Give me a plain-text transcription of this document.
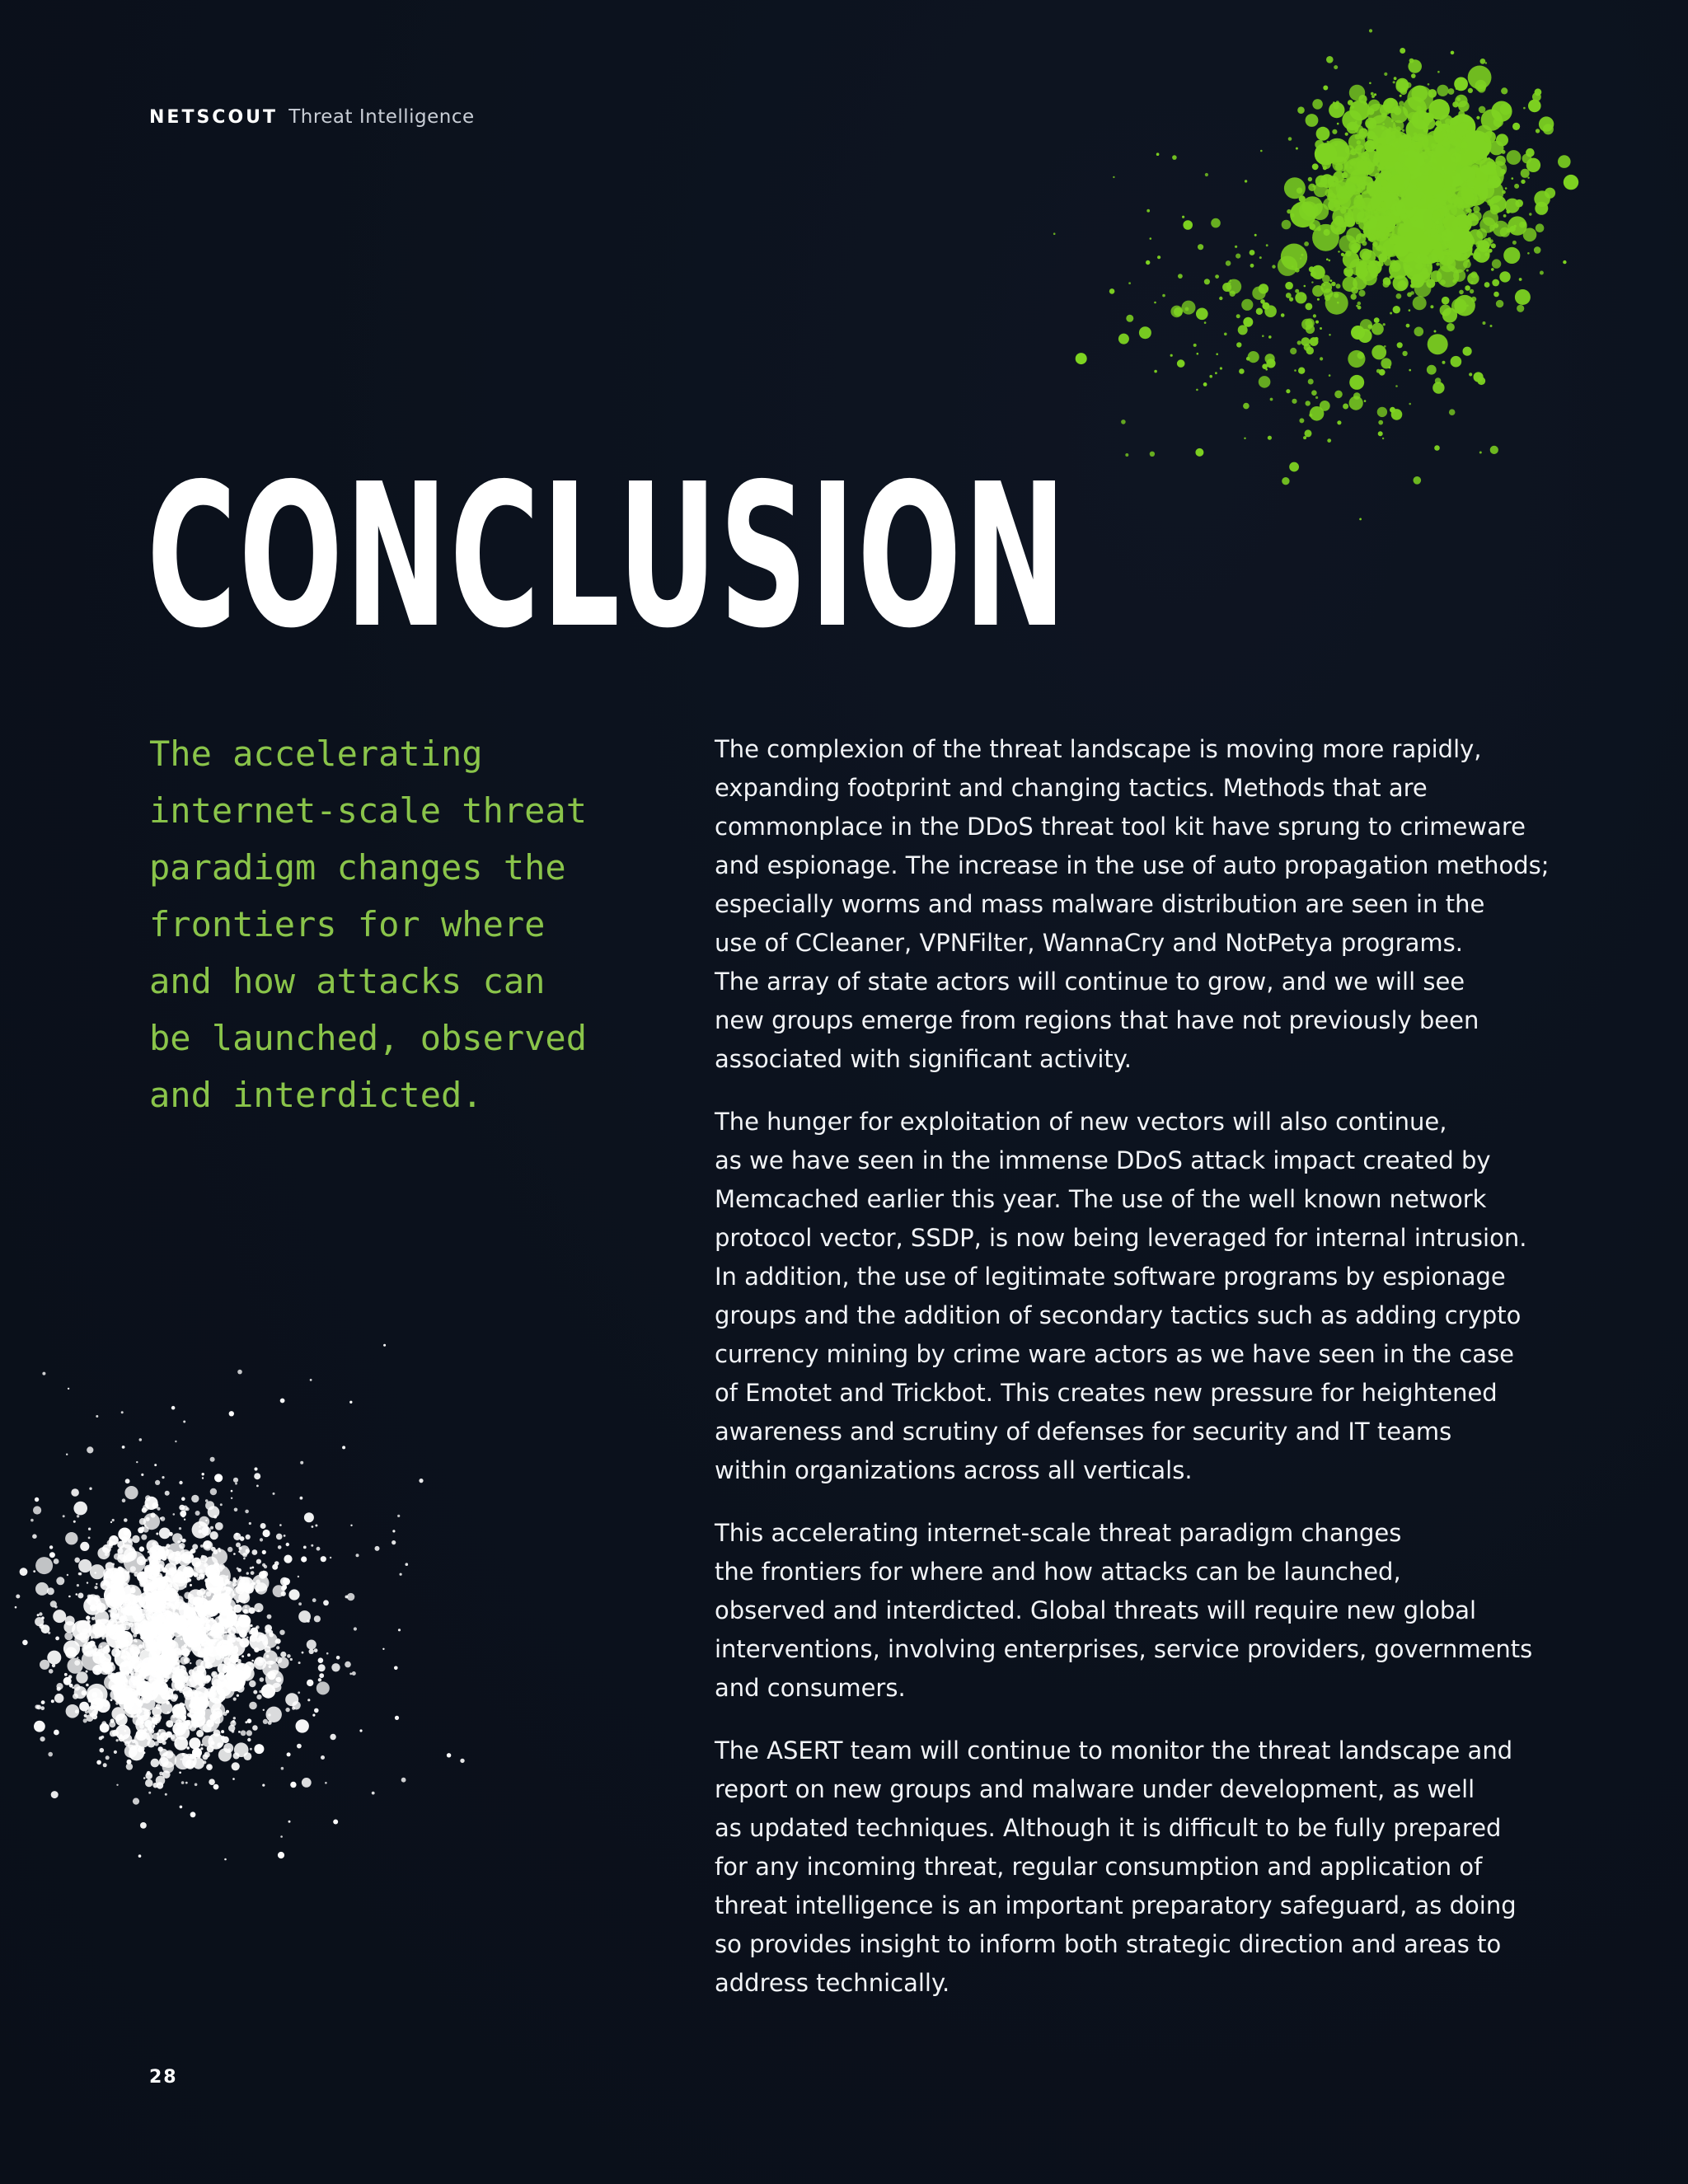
NETSCOUT Threat Intelligence
CONCLUSION
The accelerating
internet-scale threat
paradigm changes the
frontiers for where
and how attacks can
be launched, observed
and interdicted.

The complexion of the threat landscape is moving more rapidly,
expanding footprint and changing tactics. Methods that are
commonplace in the DDoS threat tool kit have sprung to crimeware
and espionage. The increase in the use of auto propagation methods;
especially worms and mass malware distribution are seen in the
use of CCleaner, VPNFilter, WannaCry and NotPetya programs.
The array of state actors will continue to grow, and we will see
new groups emerge from regions that have not previously been
associated with significant activity.

The hunger for exploitation of new vectors will also continue,
as we have seen in the immense DDoS attack impact created by
Memcached earlier this year. The use of the well known network
protocol vector, SSDP, is now being leveraged for internal intrusion.
In addition, the use of legitimate software programs by espionage
groups and the addition of secondary tactics such as adding crypto
currency mining by crime ware actors as we have seen in the case
of Emotet and Trickbot. This creates new pressure for heightened
awareness and scrutiny of defenses for security and IT teams
within organizations across all verticals.

This accelerating internet-scale threat paradigm changes
the frontiers for where and how attacks can be launched,
observed and interdicted. Global threats will require new global
interventions, involving enterprises, service providers, governments
and consumers.

The ASERT team will continue to monitor the threat landscape and
report on new groups and malware under development, as well
as updated techniques. Although it is difficult to be fully prepared
for any incoming threat, regular consumption and application of
threat intelligence is an important preparatory safeguard, as doing
so provides insight to inform both strategic direction and areas to
address technically.

28
